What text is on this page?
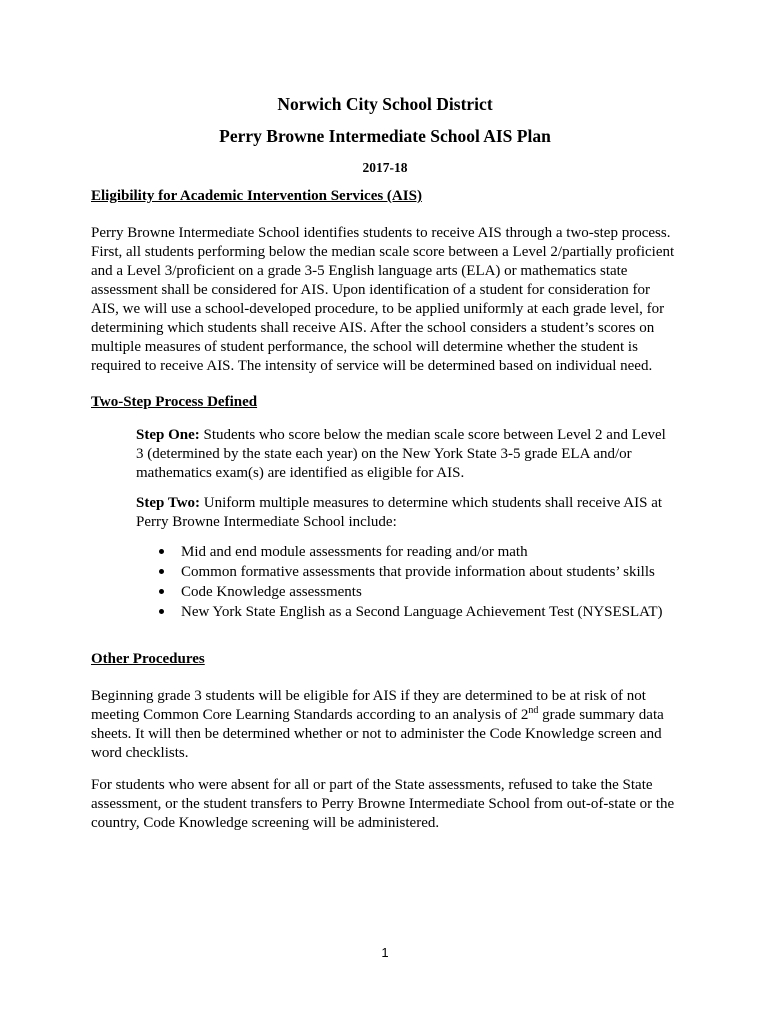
Norwich City School District
Perry Browne Intermediate School AIS Plan
2017-18
Eligibility for Academic Intervention Services (AIS)
Perry Browne Intermediate School identifies students to receive AIS through a two-step process.
First, all students performing below the median scale score between a Level 2/partially proficient
and a Level 3/proficient on a grade 3-5 English language arts (ELA) or mathematics state
assessment shall be considered for AIS. Upon identification of a student for consideration for
AIS, we will use a school-developed procedure, to be applied uniformly at each grade level, for
determining which students shall receive AIS. After the school considers a student’s scores on
multiple measures of student performance, the school will determine whether the student is
required to receive AIS. The intensity of service will be determined based on individual need.
Two-Step Process Defined
Step One: Students who score below the median scale score between Level 2 and Level
3 (determined by the state each year) on the New York State 3-5 grade ELA and/or
mathematics exam(s) are identified as eligible for AIS.
Step Two: Uniform multiple measures to determine which students shall receive AIS at
Perry Browne Intermediate School include:
Mid and end module assessments for reading and/or math
Common formative assessments that provide information about students’ skills
Code Knowledge assessments
New York State English as a Second Language Achievement Test (NYSESLAT)
Other Procedures
Beginning grade 3 students will be eligible for AIS if they are determined to be at risk of not
meeting Common Core Learning Standards according to an analysis of 2nd grade summary data
sheets. It will then be determined whether or not to administer the Code Knowledge screen and
word checklists.
For students who were absent for all or part of the State assessments, refused to take the State
assessment, or the student transfers to Perry Browne Intermediate School from out-of-state or the
country, Code Knowledge screening will be administered.
1
